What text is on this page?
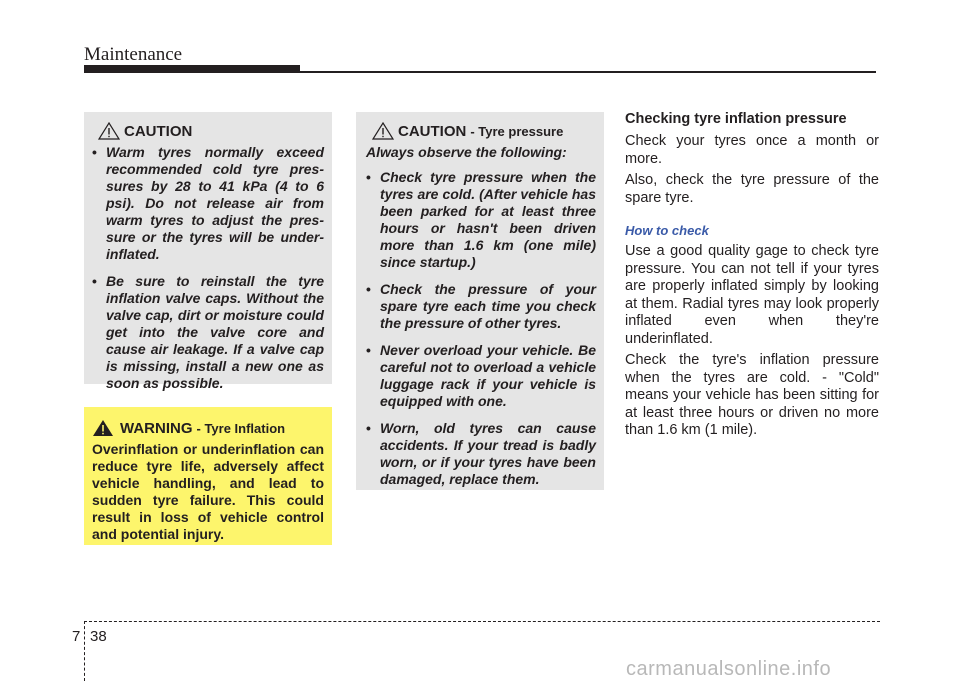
Maintenance
CAUTION
• Warm tyres normally exceed recommended cold tyre pres-sures by 28 to 41 kPa (4 to 6 psi). Do not release air from warm tyres to adjust the pres-sure or the tyres will be under-inflated.
• Be sure to reinstall the tyre inflation valve caps. Without the valve cap, dirt or moisture could get into the valve core and cause air leakage. If a valve cap is missing, install a new one as soon as possible.
WARNING - Tyre Inflation

Overinflation or underinflation can reduce tyre life, adversely affect vehicle handling, and lead to sudden tyre failure. This could result in loss of vehicle control and potential injury.

CAUTION - Tyre pressure

Always observe the following:

• Check tyre pressure when the tyres are cold. (After vehicle has been parked for at least three hours or hasn't been driven more than 1.6 km (one mile) since startup.)
• Check the pressure of your spare tyre each time you check the pressure of other tyres.
• Never overload your vehicle. Be careful not to overload a vehicle luggage rack if your vehicle is equipped with one.
• Worn, old tyres can cause accidents. If your tread is badly worn, or if your tyres have been damaged, replace them.
Checking tyre inflation pressure

Check your tyres once a month or more.

Also, check the tyre pressure of the spare tyre.

How to check

Use a good quality gage to check tyre pressure. You can not tell if your tyres are properly inflated simply by looking at them. Radial tyres may look properly inflated even when they're underinflated.

Check the tyre's inflation pressure when the tyres are cold. - "Cold" means your vehicle has been sitting for at least three hours or driven no more than 1.6 km (1 mile).

7 38
carmanualsonline.info
